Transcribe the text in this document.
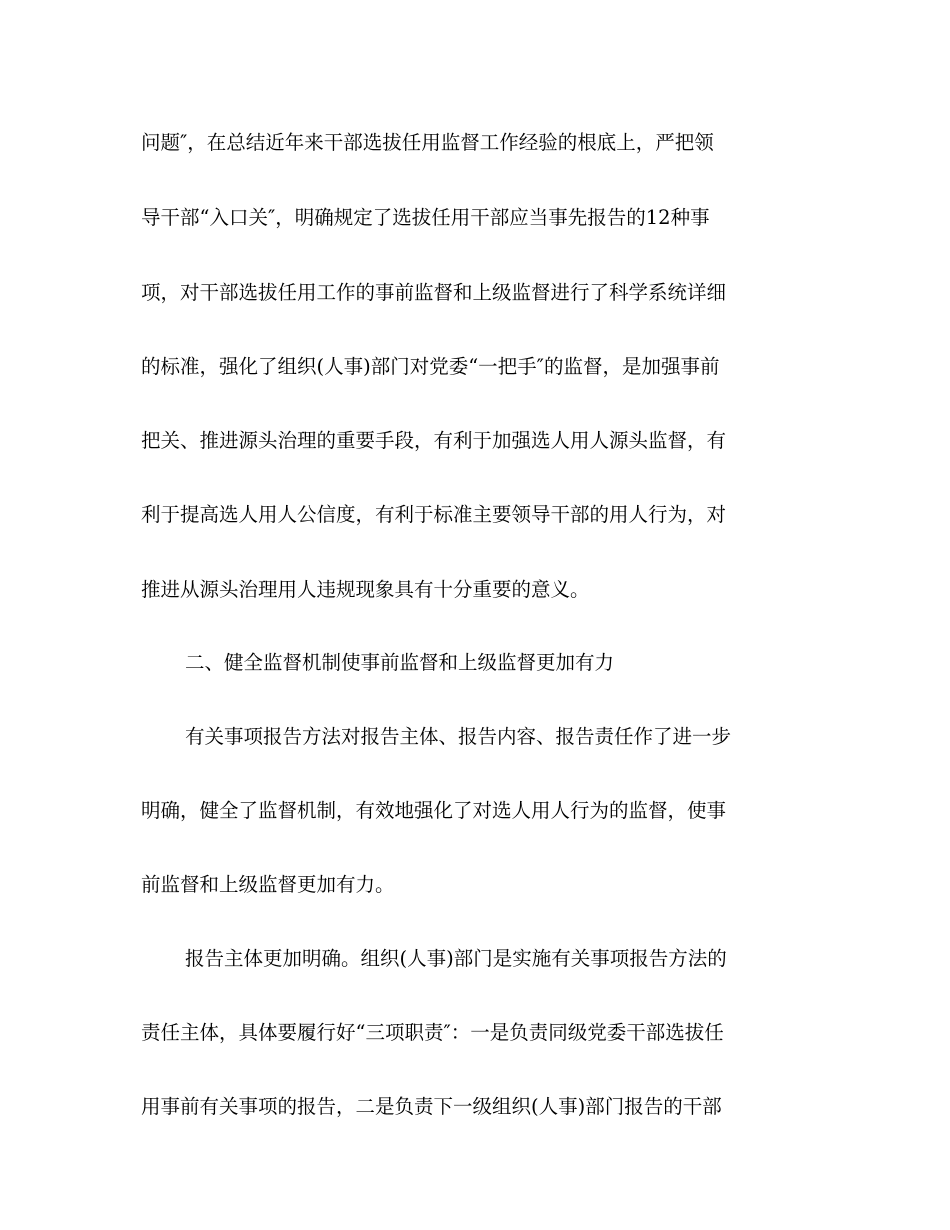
问题″，在总结近年来干部选拔任用监督工作经验的根底上，严把领
导干部“入口关″，明确规定了选拔任用干部应当事先报告的12种事
项，对干部选拔任用工作的事前监督和上级监督进行了科学系统详细
的标准，强化了组织(人事)部门对党委“一把手″的监督，是加强事前
把关、推进源头治理的重要手段，有利于加强选人用人源头监督，有
利于提高选人用人公信度，有利于标准主要领导干部的用人行为，对
推进从源头治理用人违规现象具有十分重要的意义。
二、健全监督机制使事前监督和上级监督更加有力
有关事项报告方法对报告主体、报告内容、报告责任作了进一步
明确，健全了监督机制，有效地强化了对选人用人行为的监督，使事
前监督和上级监督更加有力。
报告主体更加明确。组织(人事)部门是实施有关事项报告方法的
责任主体，具体要履行好“三项职责″：一是负责同级党委干部选拔任
用事前有关事项的报告，二是负责下一级组织(人事)部门报告的干部
